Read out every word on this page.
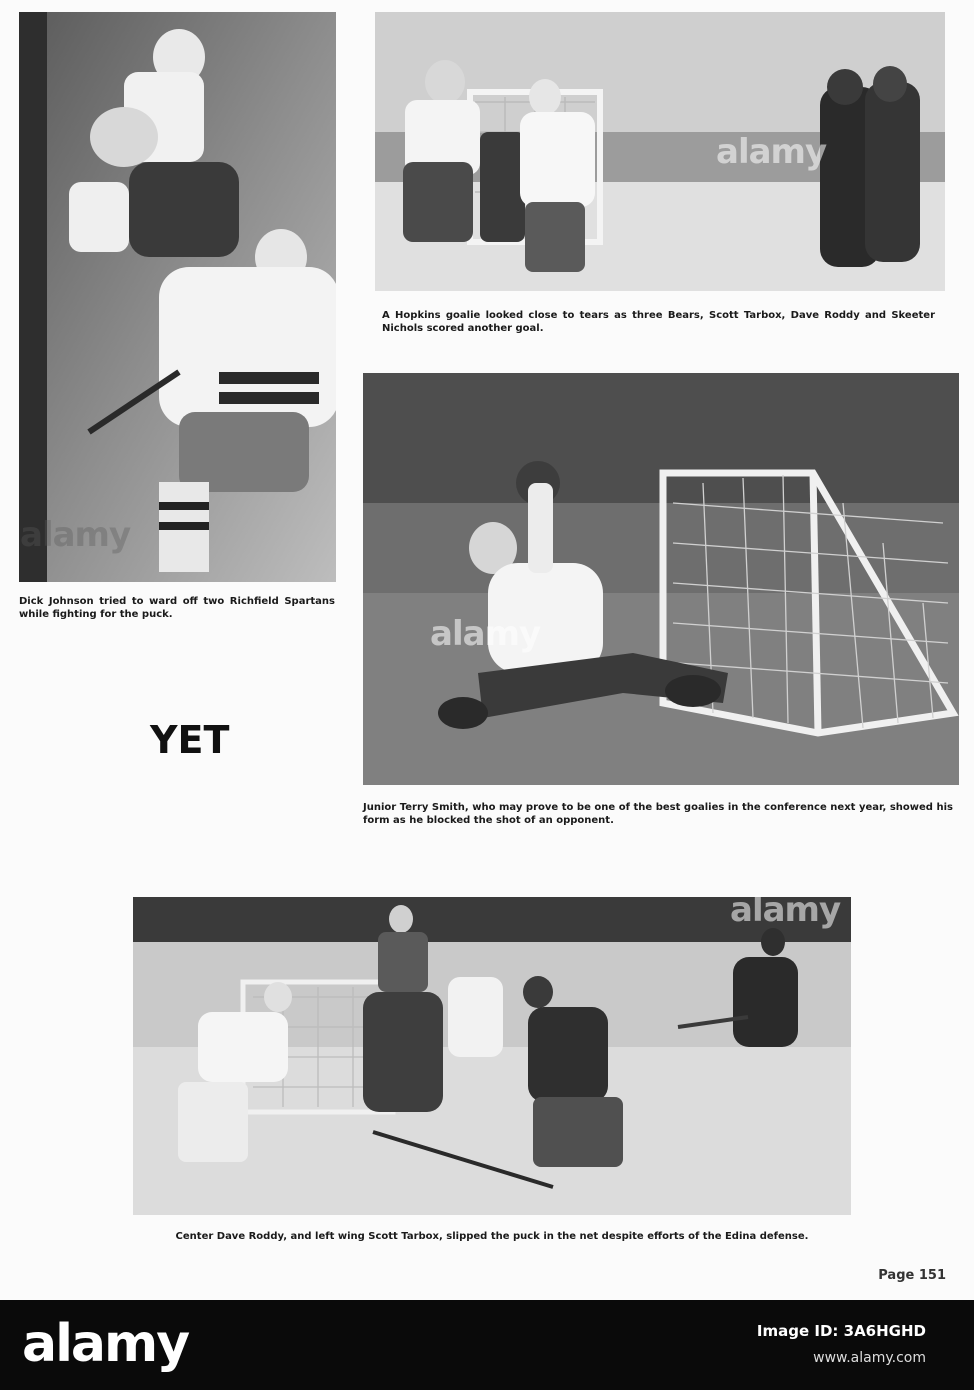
Dick Johnson tried to ward off two Richfield Spartans while fighting for the puck.
A Hopkins goalie looked close to tears as three Bears, Scott Tarbox, Dave Roddy and Skeeter Nichols scored another goal.
Junior Terry Smith, who may prove to be one of the best goalies in the conference next year, showed his form as he blocked the shot of an opponent.
YET
Center Dave Roddy, and left wing Scott Tarbox, slipped the puck in the net despite efforts of the Edina defense.
Page 151
alamy
alamy
alamy
alamy
alamy	Image ID: 3A6HGHD
www.alamy.com
